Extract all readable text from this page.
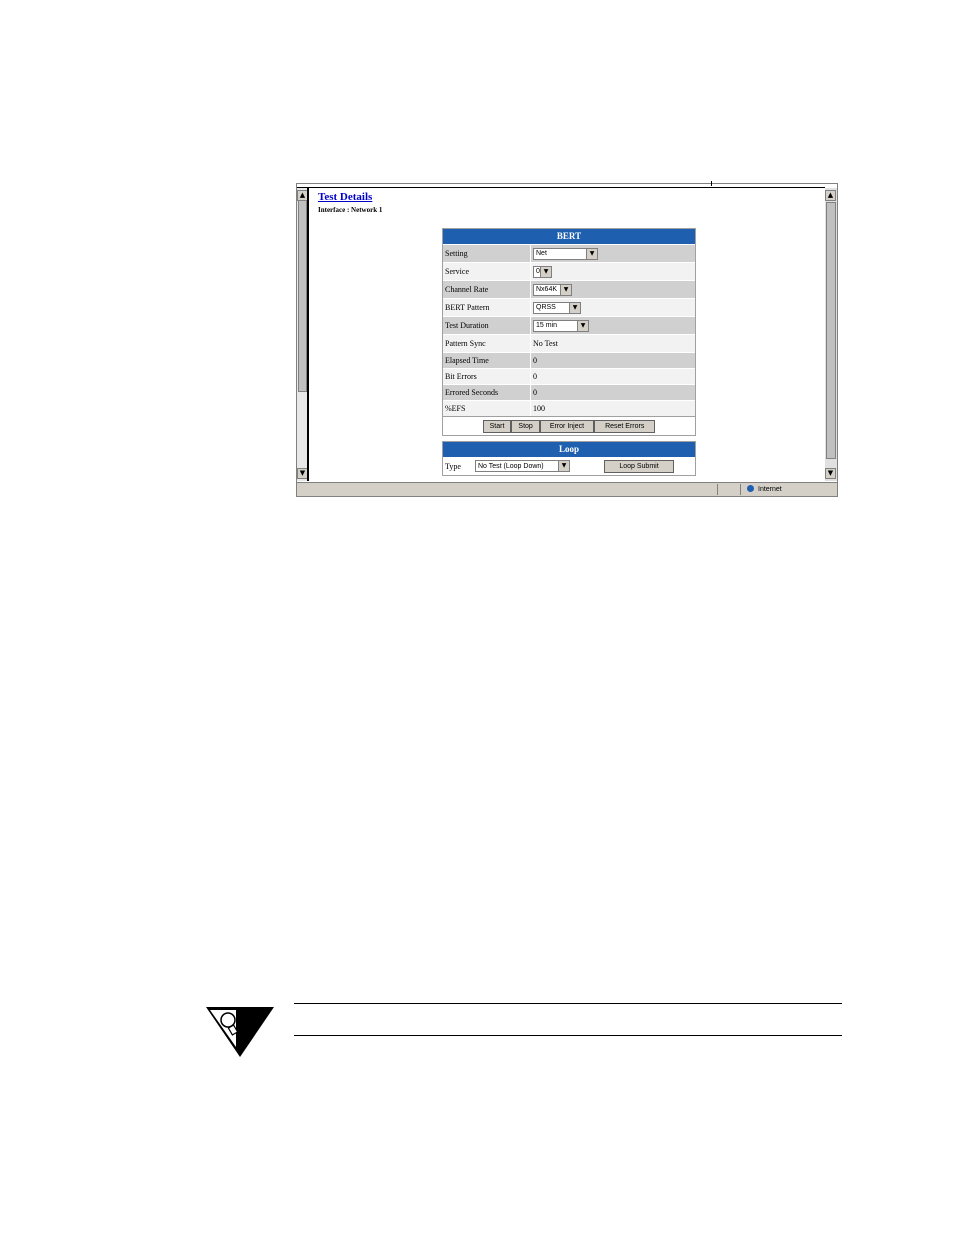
▲
▼
Test Details
Interface : Network 1
BERT
Setting	Net	▼
Service	0 ▼
Channel Rate	Nx64K	▼
BERT Pattern	QRSS	▼
Test Duration	15 min	▼
Pattern Sync	No Test
Elapsed Time	0
Bit Errors	0
Errored Seconds	0
%EFS	100
Start	Stop	Error Inject	Reset Errors
Loop
Type	No Test (Loop Down)	▼	Loop Submit
▲
▼
Internet
